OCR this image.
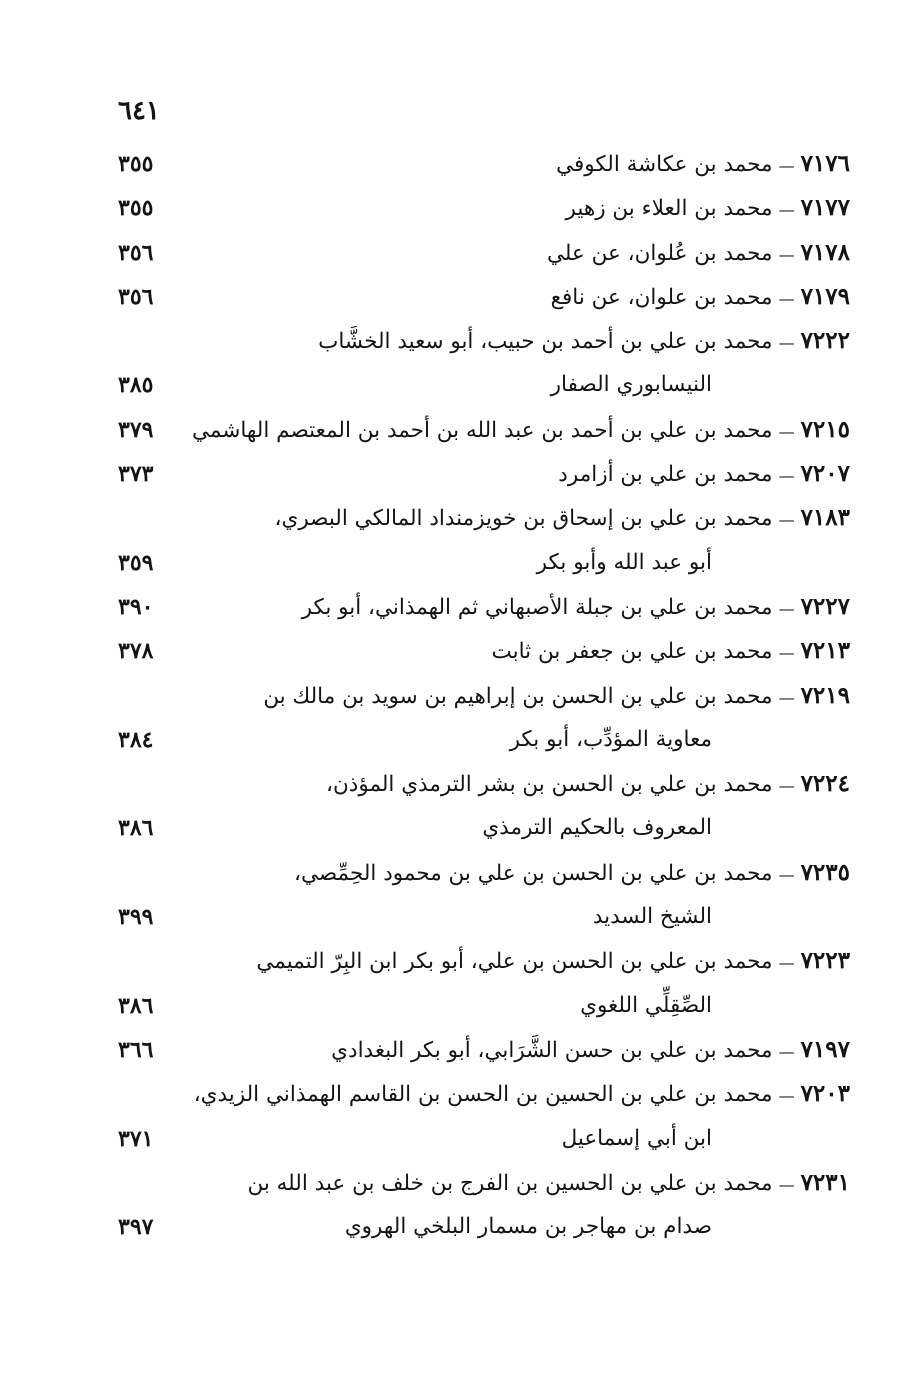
٦٤١
٧١٧٦—محمد بن عكاشة الكوفي
٣٥٥
٧١٧٧—محمد بن العلاء بن زهير
٣٥٥
٧١٧٨—محمد بن عُلوان، عن علي
٣٥٦
٧١٧٩—محمد بن علوان، عن نافع
٣٥٦
٧٢٢٢—محمد بن علي بن أحمد بن حبيب، أبو سعيد الخشَّاب
النيسابوري الصفار
٣٨٥
٧٢١٥—محمد بن علي بن أحمد بن عبد الله بن أحمد بن المعتصم الهاشمي
٣٧٩
٧٢٠٧—محمد بن علي بن أزامرد
٣٧٣
٧١٨٣—محمد بن علي بن إسحاق بن خويزمنداد المالكي البصري،
أبو عبد الله وأبو بكر
٣٥٩
٧٢٢٧—محمد بن علي بن جبلة الأصبهاني ثم الهمذاني، أبو بكر
٣٩٠
٧٢١٣—محمد بن علي بن جعفر بن ثابت
٣٧٨
٧٢١٩—محمد بن علي بن الحسن بن إبراهيم بن سويد بن مالك بن
معاوية المؤدِّب، أبو بكر
٣٨٤
٧٢٢٤—محمد بن علي بن الحسن بن بشر الترمذي المؤذن،
المعروف بالحكيم الترمذي
٣٨٦
٧٢٣٥—محمد بن علي بن الحسن بن علي بن محمود الحِمِّصي،
الشيخ السديد
٣٩٩
٧٢٢٣—محمد بن علي بن الحسن بن علي، أبو بكر ابن البِرّ التميمي
الصِّقِلِّي اللغوي
٣٨٦
٧١٩٧—محمد بن علي بن حسن الشَّرَابي، أبو بكر البغدادي
٣٦٦
٧٢٠٣—محمد بن علي بن الحسين بن الحسن بن القاسم الهمذاني الزيدي،
ابن أبي إسماعيل
٣٧١
٧٢٣١—محمد بن علي بن الحسين بن الفرج بن خلف بن عبد الله بن
صدام بن مهاجر بن مسمار البلخي الهروي
٣٩٧
